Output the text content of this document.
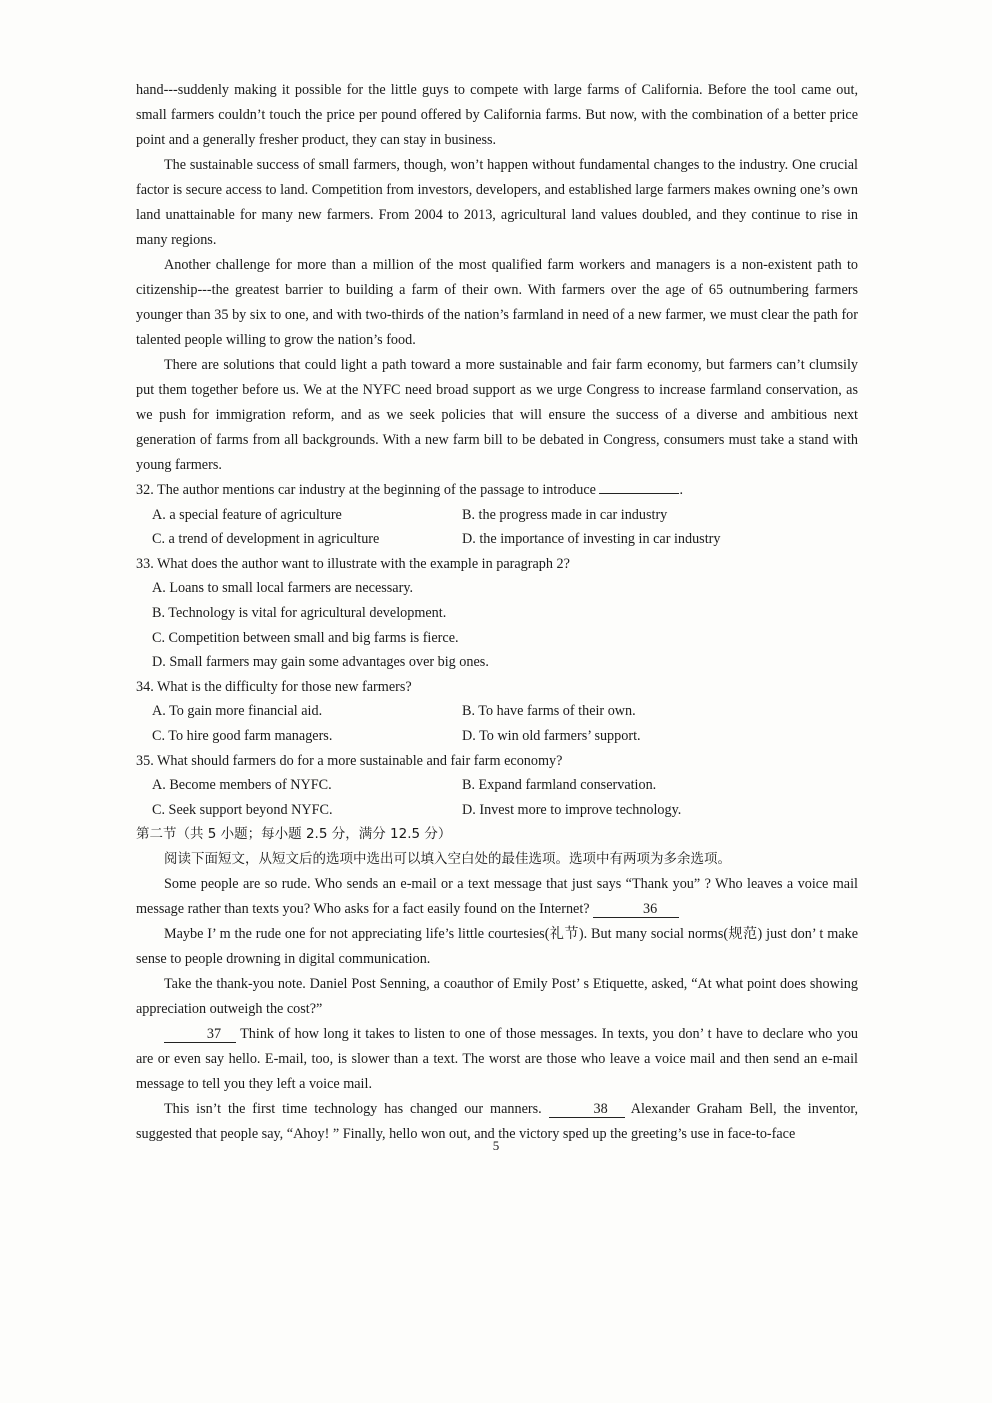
hand---suddenly making it possible for the little guys to compete with large farms of California. Before the tool came out, small farmers couldn’t touch the price per pound offered by California farms. But now, with the combination of a better price point and a generally fresher product, they can stay in business.

The sustainable success of small farmers, though, won’t happen without fundamental changes to the industry. One crucial factor is secure access to land. Competition from investors, developers, and established large farmers makes owning one’s own land unattainable for many new farmers. From 2004 to 2013, agricultural land values doubled, and they continue to rise in many regions.

Another challenge for more than a million of the most qualified farm workers and managers is a non-existent path to citizenship---the greatest barrier to building a farm of their own. With farmers over the age of 65 outnumbering farmers younger than 35 by six to one, and with two-thirds of the nation’s farmland in need of a new farmer, we must clear the path for talented people willing to grow the nation’s food.

There are solutions that could light a path toward a more sustainable and fair farm economy, but farmers can’t clumsily put them together before us. We at the NYFC need broad support as we urge Congress to increase farmland conservation, as we push for immigration reform, and as we seek policies that will ensure the success of a diverse and ambitious next generation of farms from all backgrounds. With a new farm bill to be debated in Congress, consumers must take a stand with young farmers.

32. The author mentions car industry at the beginning of the passage to introduce	.

A. a special feature of agriculture	B. the progress made in car industry
C. a trend of development in agriculture	D. the importance of investing in car industry

33. What does the author want to illustrate with the example in paragraph 2?

A. Loans to small local farmers are necessary.
B. Technology is vital for agricultural development.
C. Competition between small and big farms is fierce.
D. Small farmers may gain some advantages over big ones.

34. What is the difficulty for those new farmers?

A. To gain more financial aid.	B. To have farms of their own.
C. To hire good farm managers.	D. To win old farmers’ support.

35. What should farmers do for a more sustainable and fair farm economy?

A. Become members of NYFC.	B. Expand farmland conservation.
C. Seek support beyond NYFC.	D. Invest more to improve technology.

第二节（共 5 小题；每小题 2.5 分，满分 12.5 分）

阅读下面短文，从短文后的选项中选出可以填入空白处的最佳选项。选项中有两项为多余选项。

Some people are so rude. Who sends an e-mail or a text message that just says “Thank you” ? Who leaves a voice mail message rather than texts you? Who asks for a fact easily found on the Internet?	36

Maybe I’ m the rude one for not appreciating life’s little courtesies(礼节). But many social norms(规范) just don’ t make sense to people drowning in digital communication.

Take the thank-you note. Daniel Post Senning, a coauthor of Emily Post’ s Etiquette, asked, “At what point does showing appreciation outweigh the cost?”

37 Think of how long it takes to listen to one of those messages. In texts, you don’ t have to declare who you are or even say hello. E-mail, too, is slower than a text. The worst are those who leave a voice mail and then send an e-mail message to tell you they left a voice mail.

This isn’t the first time technology has changed our manners.	38 Alexander Graham Bell, the inventor, suggested that people say, “Ahoy! ” Finally, hello won out, and the victory sped up the greeting’s use in face-to-face

5
